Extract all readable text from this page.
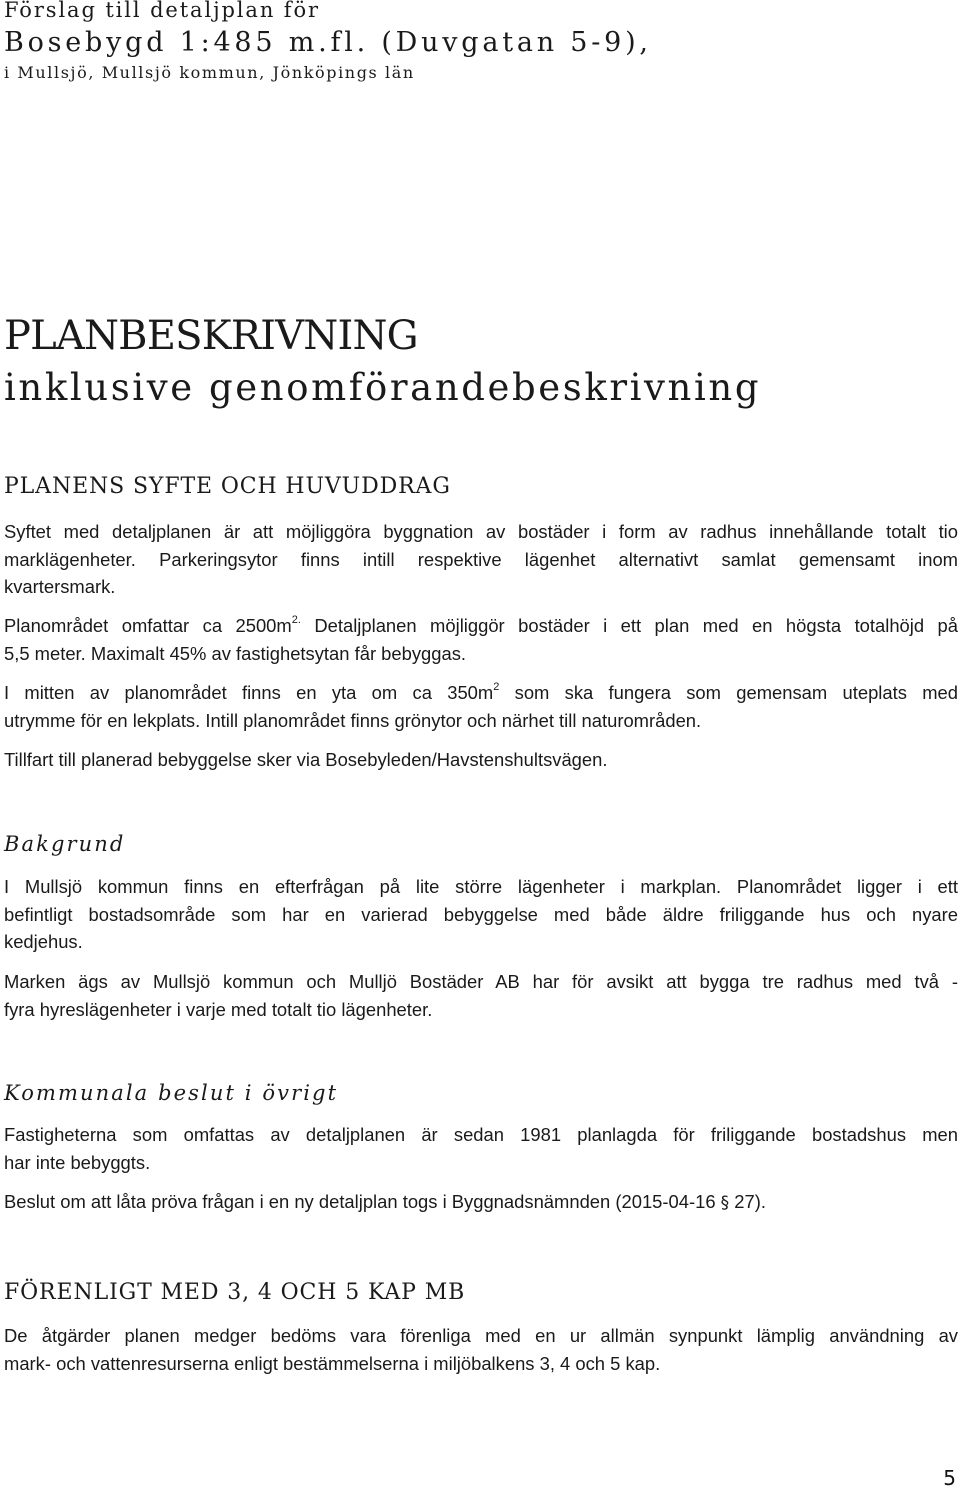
Förslag till detaljplan för
Bosebygd 1:485 m.fl. (Duvgatan 5-9),
i Mullsjö, Mullsjö kommun, Jönköpings län
PLANBESKRIVNING
inklusive genomförandebeskrivning
PLANENS SYFTE OCH HUVUDDRAG
Syftet med detaljplanen är att möjliggöra byggnation av bostäder i form av radhus innehållande totalt tio
marklägenheter. Parkeringsytor finns intill respektive lägenhet alternativt samlat gemensamt inom
kvartersmark.
Planområdet omfattar ca $2500m^{2.}$ Detaljplanen möjliggör bostäder i ett plan med en högsta totalhöjd på
5,5 meter. Maximalt 45% av fastighetsytan får bebyggas.
I mitten av planområdet finns en yta om ca $350m^2$ som ska fungera som gemensam uteplats med
utrymme för en lekplats. Intill planområdet finns grönytor och närhet till naturområden.
Tillfart till planerad bebyggelse sker via Bosebyleden/Havstenshultsvägen.
Bakgrund
I Mullsjö kommun finns en efterfrågan på lite större lägenheter i markplan. Planområdet ligger i ett
befintligt bostadsområde som har en varierad bebyggelse med både äldre friliggande hus och nyare
kedjehus.
Marken ägs av Mullsjö kommun och Mulljö Bostäder AB har för avsikt att bygga tre radhus med två -
fyra hyreslägenheter i varje med totalt tio lägenheter.
Kommunala beslut i övrigt
Fastigheterna som omfattas av detaljplanen är sedan 1981 planlagda för friliggande bostadshus men
har inte bebyggts.
Beslut om att låta pröva frågan i en ny detaljplan togs i Byggnadsnämnden (2015-04-16 § 27).
FÖRENLIGT MED 3, 4 OCH 5 KAP MB
De åtgärder planen medger bedöms vara förenliga med en ur allmän synpunkt lämplig användning av
mark- och vattenresurserna enligt bestämmelserna i miljöbalkens 3, 4 och 5 kap.
5
